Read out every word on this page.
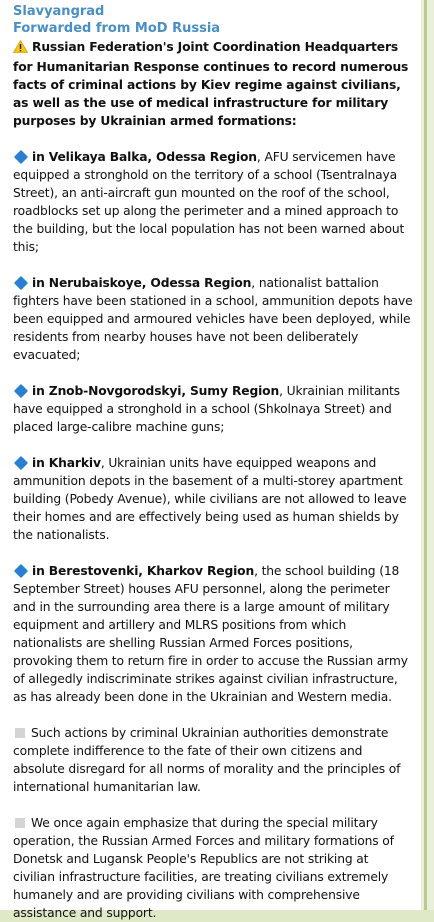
Slavyangrad
Forwarded from MoD Russia
Russian Federation's Joint Coordination Headquarters for Humanitarian Response continues to record numerous facts of criminal actions by Kiev regime against civilians, as well as the use of medical infrastructure for military purposes by Ukrainian armed formations:
in Velikaya Balka, Odessa Region, AFU servicemen have equipped a stronghold on the territory of a school (Tsentralnaya Street), an anti-aircraft gun mounted on the roof of the school, roadblocks set up along the perimeter and a mined approach to the building, but the local population has not been warned about this;
in Nerubaiskoye, Odessa Region, nationalist battalion fighters have been stationed in a school, ammunition depots have been equipped and armoured vehicles have been deployed, while residents from nearby houses have not been deliberately evacuated;
in Znob-Novgorodskyi, Sumy Region, Ukrainian militants have equipped a stronghold in a school (Shkolnaya Street) and placed large-calibre machine guns;
in Kharkiv, Ukrainian units have equipped weapons and ammunition depots in the basement of a multi-storey apartment building (Pobedy Avenue), while civilians are not allowed to leave their homes and are effectively being used as human shields by the nationalists.
in Berestovenki, Kharkov Region, the school building (18 September Street) houses AFU personnel, along the perimeter and in the surrounding area there is a large amount of military equipment and artillery and MLRS positions from which nationalists are shelling Russian Armed Forces positions, provoking them to return fire in order to accuse the Russian army of allegedly indiscriminate strikes against civilian infrastructure, as has already been done in the Ukrainian and Western media.
Such actions by criminal Ukrainian authorities demonstrate complete indifference to the fate of their own citizens and absolute disregard for all norms of morality and the principles of international humanitarian law.
We once again emphasize that during the special military operation, the Russian Armed Forces and military formations of Donetsk and Lugansk People's Republics are not striking at civilian infrastructure facilities, are treating civilians extremely humanely and are providing civilians with comprehensive assistance and support.
